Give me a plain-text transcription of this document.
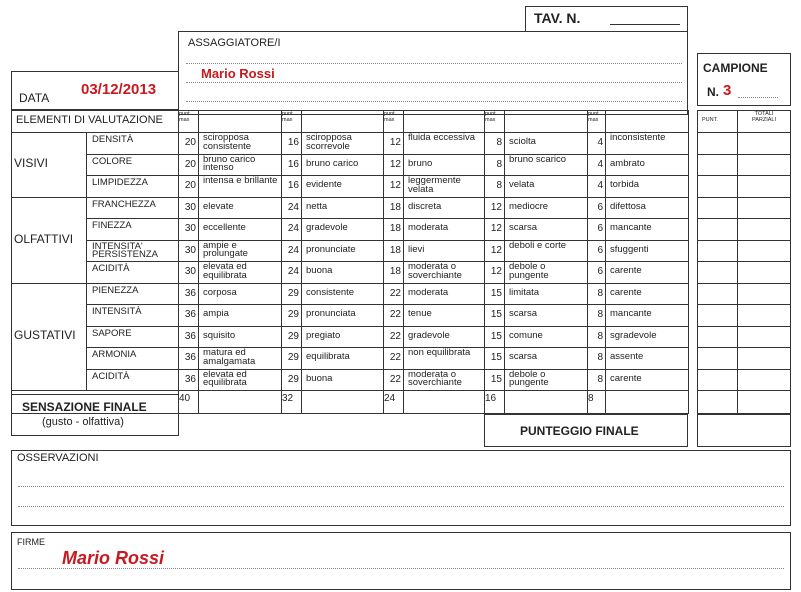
TAV. N.
ASSAGGIATORE/I
Mario Rossi
DATA 03/12/2013
CAMPIONE
N. 3
ELEMENTI DI VALUTAZIONE	punt max
punt max
punt max
punt max
punt max
VISIVI
DENSITÀ	20 sciropposa consistente	16 sciropposa scorrevole	12 fluida eccessiva	8 sciolta	4 inconsistente
COLORE	20 bruno carico intenso	16 bruno carico	12 bruno	8 bruno scarico	4 ambrato
LIMPIDEZZA	20 intensa e brillante	16 evidente	12 leggermente velata	8 velata	4 torbida
OLFATTIVI
FRANCHEZZA	30 elevate	24 netta	18 discreta	12 mediocre	6 difettosa
FINEZZA	30 eccellente	24 gradevole	18 moderata	12 scarsa	6 mancante
INTENSITA' PERSISTENZA	30 ampie e prolungate	24 pronunciate	18 lievi	12 deboli e corte	6 sfuggenti
ACIDITÀ	30 elevata ed equilibrata	24 buona	18 moderata o soverchiante	12 debole o pungente	6 carente
GUSTATIVI
PIENEZZA	36 corposa	29 consistente	22 moderata	15 limitata	8 carente
INTENSITÀ	36 ampia	29 pronunciata	22 tenue	15 scarsa	8 mancante
SAPORE	36 squisito	29 pregiato	22 gradevole	15 comune	8 sgradevole
ARMONIA	36 matura ed amalgamata	29 equilibrata	22 non equilibrata	15 scarsa	8 assente
ACIDITÀ	36 elevata ed equilibrata	29 buona	22 moderata o soverchiante	15 debole o pungente	8 carente
40	32	24	16	8
SENSAZIONE FINALE
(gusto - olfattiva)
PUNT.
TOTALI PARZIALI
PUNTEGGIO FINALE
OSSERVAZIONI
FIRME
Mario Rossi
